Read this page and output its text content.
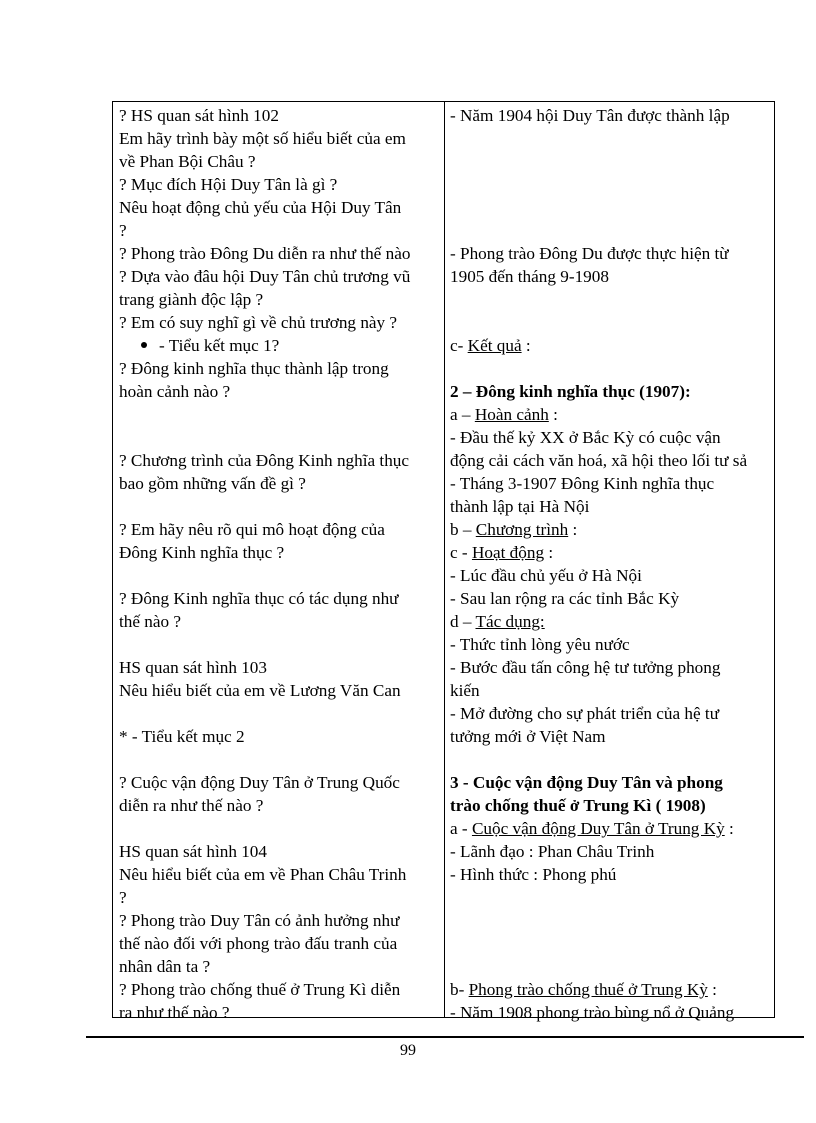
? HS quan sát hình 102
Em hãy trình bày một số hiểu biết của em
về Phan Bội Châu ?
? Mục đích Hội Duy Tân là gì ?
Nêu hoạt động chủ yếu của Hội Duy Tân
?
? Phong trào Đông Du diễn ra như thế nào
? Dựa vào đâu hội Duy Tân chủ trương vũ
trang giành độc lập ?
? Em có suy nghĩ gì về chủ trương này ?
- Tiểu kết mục 1?
? Đông kinh nghĩa thục thành lập trong
hoàn cảnh nào ?
? Chương trình của Đông Kinh nghĩa thục
bao gồm những vấn đề gì ?
? Em hãy nêu rõ qui mô hoạt động của
Đông Kinh nghĩa thục ?
? Đông Kinh nghĩa thục có tác dụng như
thế nào ?
HS quan sát hình 103
Nêu hiểu biết của em về Lương Văn Can
* - Tiểu kết mục 2
? Cuộc vận động Duy Tân ở Trung Quốc
diễn ra như thế nào ?
HS quan sát hình 104
Nêu hiểu biết của em về Phan Châu Trinh
?
? Phong trào Duy Tân có ảnh hưởng như
thế nào đối với phong trào đấu tranh của
nhân dân ta ?
? Phong trào chống thuế ở Trung Kì diễn
ra như thế nào ?
- Năm 1904 hội Duy Tân được thành lập
- Phong trào Đông Du được thực hiện từ
1905 đến tháng 9-1908
c- Kết quả :
2 – Đông kinh nghĩa thục (1907):
a – Hoàn cảnh :
- Đầu thế kỷ XX ở Bắc Kỳ có cuộc vận
động cải cách văn hoá, xã hội theo lối tư sả
- Tháng 3-1907 Đông Kinh nghĩa thục
thành lập tại Hà Nội
b – Chương trình :
c - Hoạt động :
- Lúc đầu chủ yếu ở Hà Nội
- Sau lan rộng ra các tỉnh Bắc Kỳ
d – Tác dụng:
- Thức tỉnh lòng yêu nước
- Bước đầu tấn công hệ tư tưởng phong
kiến
- Mở đường cho sự phát triển của hệ tư
tưởng mới ở Việt Nam
3 - Cuộc vận động Duy Tân và phong
trào chống thuế ở Trung Kì ( 1908)
a - Cuộc vận động Duy Tân ở Trung Kỳ :
- Lãnh đạo : Phan Châu Trinh
- Hình thức : Phong phú
b- Phong trào chống thuế ở Trung Kỳ :
- Năm 1908 phong trào bùng nổ ở Quảng
99
